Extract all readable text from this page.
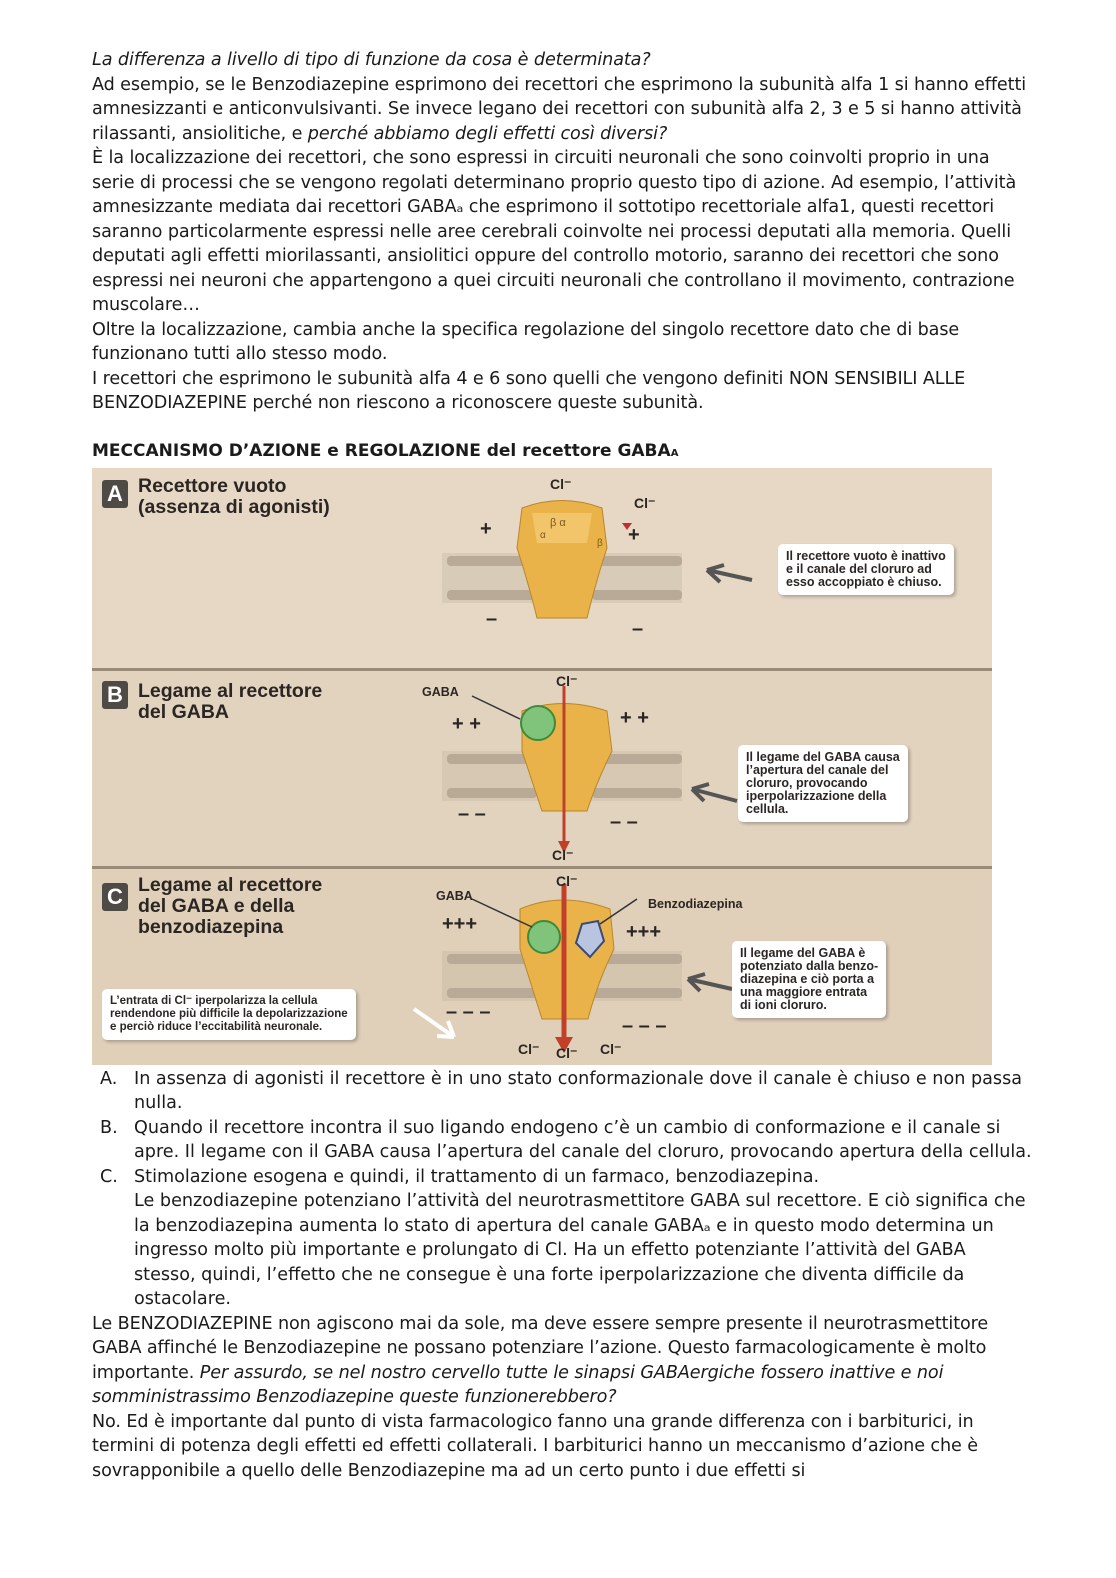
La differenza a livello di tipo di funzione da cosa è determinata?

Ad esempio, se le Benzodiazepine esprimono dei recettori che esprimono la subunità alfa 1 si hanno effetti amnesizzanti e anticonvulsivanti. Se invece legano dei recettori con subunità alfa 2, 3 e 5 si hanno attività rilassanti, ansiolitiche, e perché abbiamo degli effetti così diversi?

È la localizzazione dei recettori, che sono espressi in circuiti neuronali che sono coinvolti proprio in una serie di processi che se vengono regolati determinano proprio questo tipo di azione. Ad esempio, l’attività amnesizzante mediata dai recettori GABAₐ che esprimono il sottotipo recettoriale alfa1, questi recettori saranno particolarmente espressi nelle aree cerebrali coinvolte nei processi deputati alla memoria. Quelli deputati agli effetti miorilassanti, ansiolitici oppure del controllo motorio, saranno dei recettori che sono espressi nei neuroni che appartengono a quei circuiti neuronali che controllano il movimento, contrazione muscolare…

Oltre la localizzazione, cambia anche la specifica regolazione del singolo recettore dato che di base funzionano tutti allo stesso modo.

I recettori che esprimono le subunità alfa 4 e 6 sono quelli che vengono definiti NON SENSIBILI ALLE BENZODIAZEPINE perché non riescono a riconoscere queste subunità.

MECCANISMO D’AZIONE e REGOLAZIONE del recettore GABAA

A Recettore vuoto
(assenza di agonisti)
β α
α
β
Cl⁻
Cl⁻
+	+
–	–
Il recettore vuoto è inattivo
e il canale del cloruro ad
esso accoppiato è chiuso.
B Legame al recettore
del GABA
GABA
Cl⁻
+ +	+ +
– –	– –
Cl⁻
Il legame del GABA causa
l’apertura del canale del
cloruro, provocando
iperpolarizzazione della
cellula.
C Legame al recettore
del GABA e della
benzodiazepina
GABA
Benzodiazepina
Cl⁻
+++	+++
– – –
– – –
Cl⁻ Cl⁻ Cl⁻
Il legame del GABA è
potenziato dalla benzo-
diazepina e ciò porta a
una maggiore entrata
di ioni cloruro.
L’entrata di Cl⁻ iperpolarizza la cellula
rendendone più difficile la depolarizzazione
e perciò riduce l’eccitabilità neuronale.
A. In assenza di agonisti il recettore è in uno stato conformazionale dove il canale è chiuso e non passa nulla.
B. Quando il recettore incontra il suo ligando endogeno c’è un cambio di conformazione e il canale si apre. Il legame con il GABA causa l’apertura del canale del cloruro, provocando apertura della cellula.
C. Stimolazione esogena e quindi, il trattamento di un farmaco, benzodiazepina.
Le benzodiazepine potenziano l’attività del neurotrasmettitore GABA sul recettore. E ciò significa che la benzodiazepina aumenta lo stato di apertura del canale GABAₐ e in questo modo determina un ingresso molto più importante e prolungato di Cl. Ha un effetto potenziante l’attività del GABA stesso, quindi, l’effetto che ne consegue è una forte iperpolarizzazione che diventa difficile da ostacolare.

Le BENZODIAZEPINE non agiscono mai da sole, ma deve essere sempre presente il neurotrasmettitore GABA affinché le Benzodiazepine ne possano potenziare l’azione. Questo farmacologicamente è molto importante. Per assurdo, se nel nostro cervello tutte le sinapsi GABAergiche fossero inattive e noi somministrassimo Benzodiazepine queste funzionerebbero?

No. Ed è importante dal punto di vista farmacologico fanno una grande differenza con i barbiturici, in termini di potenza degli effetti ed effetti collaterali. I barbiturici hanno un meccanismo d’azione che è sovrapponibile a quello delle Benzodiazepine ma ad un certo punto i due effetti si
